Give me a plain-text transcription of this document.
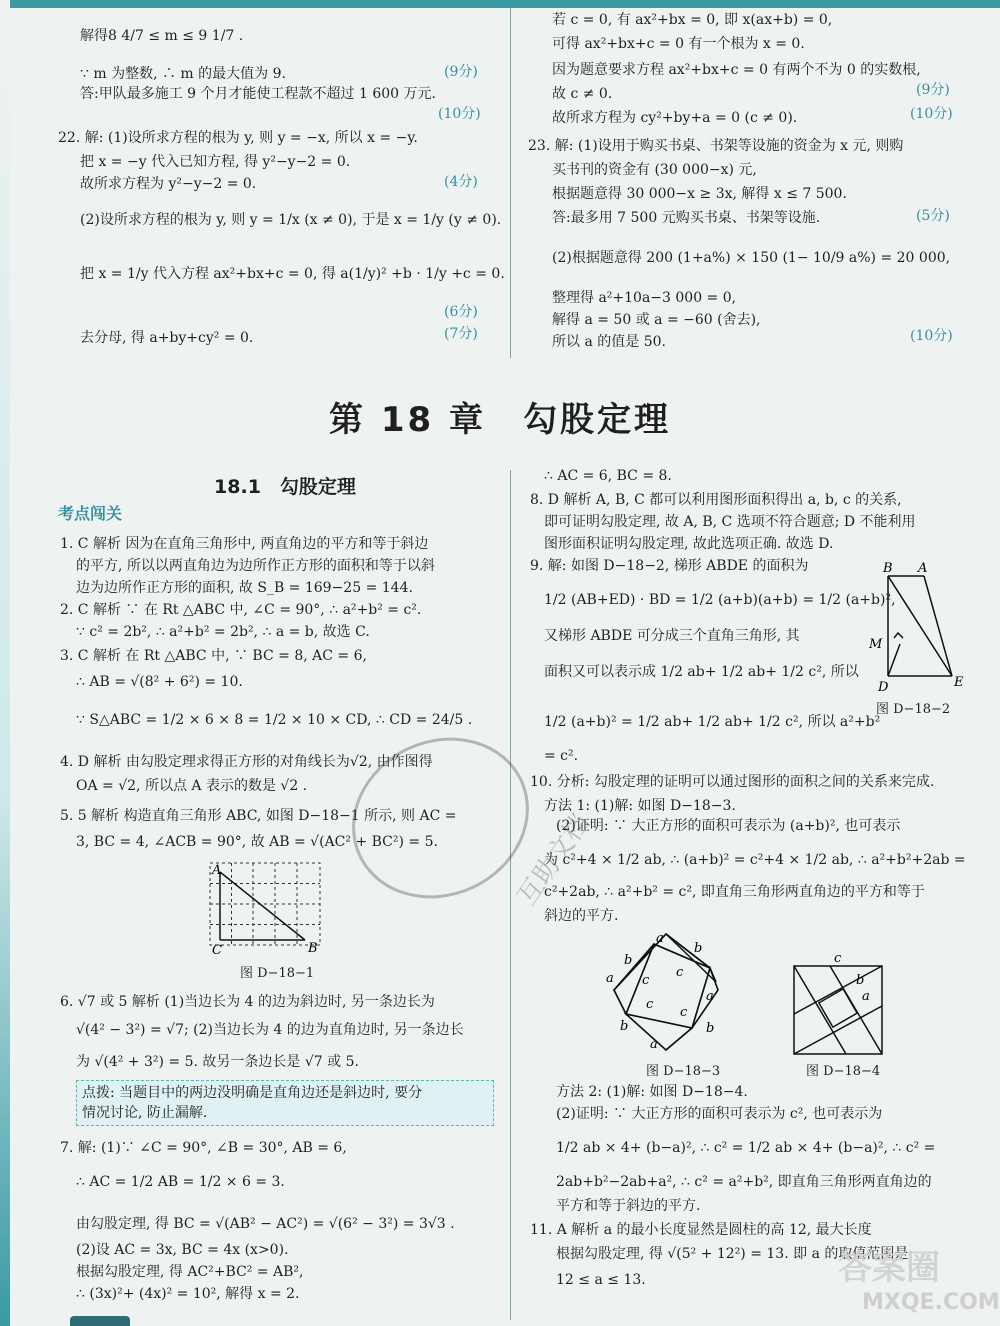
解得8 4/7 ≤ m ≤ 9 1/7 .
∵ m 为整数, ∴ m 的最大值为 9.
答:甲队最多施工 9 个月才能使工程款不超过 1 600 万元.
22. 解: (1)设所求方程的根为 y, 则 y = −x, 所以 x = −y.
把 x = −y 代入已知方程, 得 y²−y−2 = 0.
故所求方程为 y²−y−2 = 0.
(2)设所求方程的根为 y, 则 y = 1/x (x ≠ 0), 于是 x = 1/y (y ≠ 0).
把 x = 1/y 代入方程 ax²+bx+c = 0, 得 a(1/y)² +b · 1/y +c = 0.
去分母, 得 a+by+cy² = 0.
(9分)
(10分)
(4分)
(6分)
(7分)
若 c = 0, 有 ax²+bx = 0, 即 x(ax+b) = 0,
可得 ax²+bx+c = 0 有一个根为 x = 0.
因为题意要求方程 ax²+bx+c = 0 有两个不为 0 的实数根,
故 c ≠ 0.
故所求方程为 cy²+by+a = 0 (c ≠ 0).
23. 解: (1)设用于购买书桌、书架等设施的资金为 x 元, 则购
买书刊的资金有 (30 000−x) 元,
根据题意得 30 000−x ≥ 3x, 解得 x ≤ 7 500.
答:最多用 7 500 元购买书桌、书架等设施.
(2)根据题意得 200 (1+a%) × 150 (1− 10/9 a%) = 20 000,
整理得 a²+10a−3 000 = 0,
解得 a = 50 或 a = −60 (舍去),
所以 a 的值是 50.
(9分)
(10分)
(5分)
(10分)
第 18 章　勾股定理
18.1　勾股定理
考点闯关
1. C 解析 因为在直角三角形中, 两直角边的平方和等于斜边
的平方, 所以以两直角边为边所作正方形的面积和等于以斜
边为边所作正方形的面积, 故 S_B = 169−25 = 144.
2. C 解析 ∵ 在 Rt △ABC 中, ∠C = 90°, ∴ a²+b² = c².
∵ c² = 2b², ∴ a²+b² = 2b², ∴ a = b, 故选 C.
3. C 解析 在 Rt △ABC 中, ∵ BC = 8, AC = 6,
∴ AB = √(8² + 6²) = 10.
∵ S△ABC = 1/2 × 6 × 8 = 1/2 × 10 × CD, ∴ CD = 24/5 .
4. D 解析 由勾股定理求得正方形的对角线长为√2, 由作图得
OA = √2, 所以点 A 表示的数是 √2 .
5. 5 解析 构造直角三角形 ABC, 如图 D−18−1 所示, 则 AC =
3, BC = 4, ∠ACB = 90°, 故 AB = √(AC² + BC²) = 5.
A
C	B
图 D−18−1
6. √7 或 5 解析 (1)当边长为 4 的边为斜边时, 另一条边长为
√(4² − 3²) = √7; (2)当边长为 4 的边为直角边时, 另一条边长
为 √(4² + 3²) = 5. 故另一条边长是 √7 或 5.
点拨: 当题目中的两边没明确是直角边还是斜边时, 要分
情况讨论, 防止漏解.
7. 解: (1)∵ ∠C = 90°, ∠B = 30°, AB = 6,
∴ AC = 1/2 AB = 1/2 × 6 = 3.
由勾股定理, 得 BC = √(AB² − AC²) = √(6² − 3²) = 3√3 .
(2)设 AC = 3x, BC = 4x (x>0).
根据勾股定理, 得 AC²+BC² = AB²,
∴ (3x)²+ (4x)² = 10², 解得 x = 2.
∴ AC = 6, BC = 8.
8. D 解析 A, B, C 都可以利用图形面积得出 a, b, c 的关系,
即可证明勾股定理, 故 A, B, C 选项不符合题意; D 不能利用
图形面积证明勾股定理, 故此选项正确. 故选 D.
9. 解: 如图 D−18−2, 梯形 ABDE 的面积为
1/2 (AB+ED) · BD = 1/2 (a+b)(a+b) = 1/2 (a+b)²,
又梯形 ABDE 可分成三个直角三角形, 其
面积又可以表示成 1/2 ab+ 1/2 ab+ 1/2 c², 所以
1/2 (a+b)² = 1/2 ab+ 1/2 ab+ 1/2 c², 所以 a²+b²
= c².
B A
M
D	E
图 D−18−2
10. 分析: 勾股定理的证明可以通过图形的面积之间的关系来完成.
方法 1: (1)解: 如图 D−18−3.
(2)证明: ∵ 大正方形的面积可表示为 (a+b)², 也可表示
为 c²+4 × 1/2 ab, ∴ (a+b)² = c²+4 × 1/2 ab, ∴ a²+b²+2ab =
c²+2ab, ∴ a²+b² = c², 即直角三角形两直角边的平方和等于
斜边的平方.
a
b
c
a
b
c
a
b
c
a
b
c
图 D−18−3
c
b
a
图 D−18−4
方法 2: (1)解: 如图 D−18−4.
(2)证明: ∵ 大正方形的面积可表示为 c², 也可表示为
1/2 ab × 4+ (b−a)², ∴ c² = 1/2 ab × 4+ (b−a)², ∴ c² =
2ab+b²−2ab+a², ∴ c² = a²+b², 即直角三角形两直角边的
平方和等于斜边的平方.
11. A 解析 a 的最小长度显然是圆柱的高 12, 最大长度
根据勾股定理, 得 √(5² + 12²) = 13. 即 a 的取值范围是
12 ≤ a ≤ 13.
互助文档
答案圈
MXQE.COM
